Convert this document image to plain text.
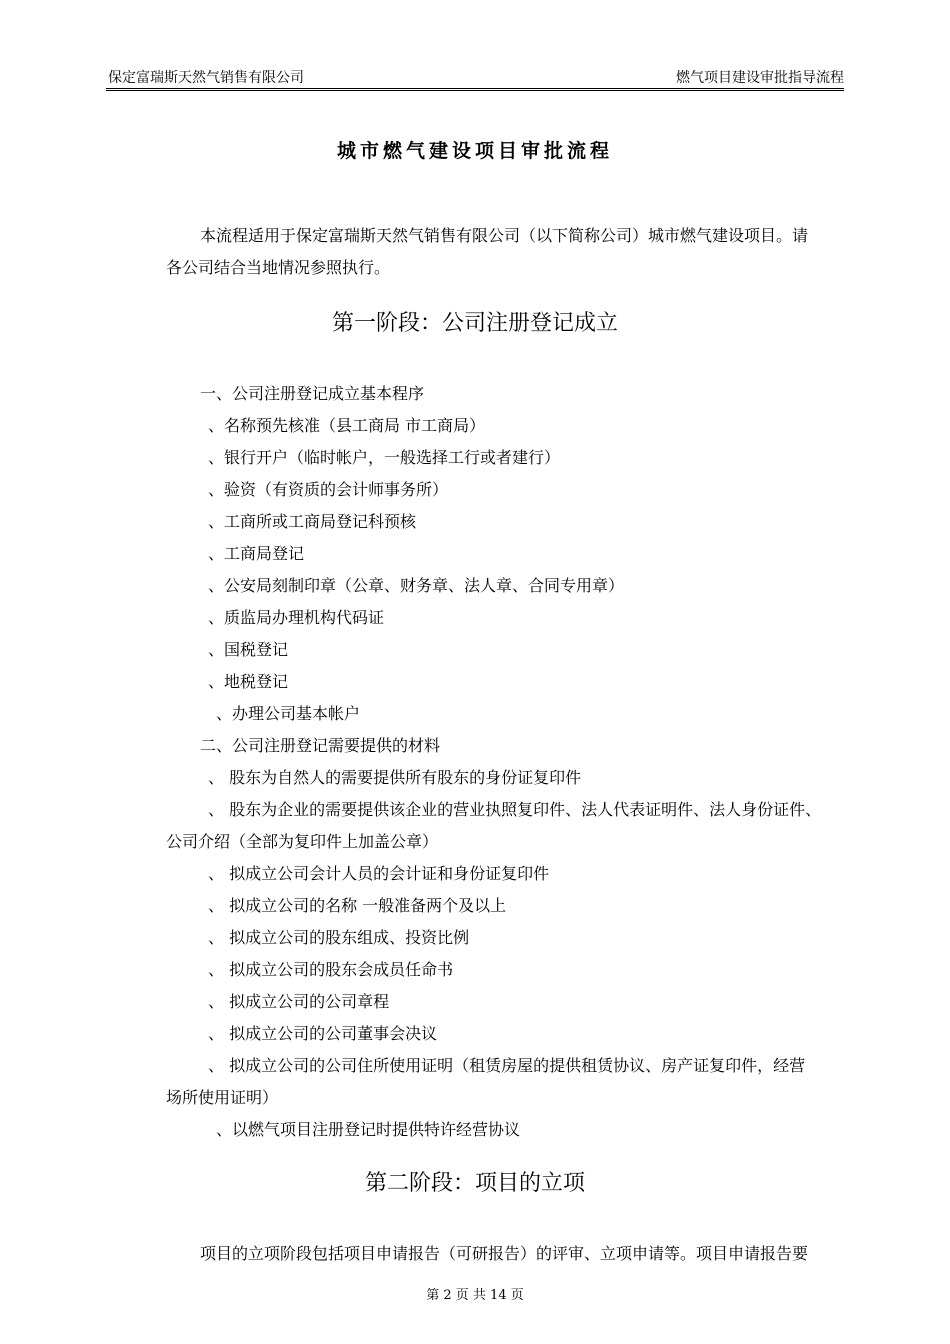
保定富瑞斯天然气销售有限公司	燃气项目建设审批指导流程
城市燃气建设项目审批流程
本流程适用于保定富瑞斯天然气销售有限公司（以下简称公司）城市燃气建设项目。请
各公司结合当地情况参照执行。
第一阶段：公司注册登记成立
一、公司注册登记成立基本程序
、名称预先核准（县工商局 市工商局）
、银行开户（临时帐户，一般选择工行或者建行）
、验资（有资质的会计师事务所）
、工商所或工商局登记科预核
、工商局登记
、公安局刻制印章（公章、财务章、法人章、合同专用章）
、质监局办理机构代码证
、国税登记
、地税登记
、办理公司基本帐户
二、公司注册登记需要提供的材料
、 股东为自然人的需要提供所有股东的身份证复印件
、 股东为企业的需要提供该企业的营业执照复印件、法人代表证明件、法人身份证件、
公司介绍（全部为复印件上加盖公章）
、 拟成立公司会计人员的会计证和身份证复印件
、 拟成立公司的名称 一般准备两个及以上
、 拟成立公司的股东组成、投资比例
、 拟成立公司的股东会成员任命书
、 拟成立公司的公司章程
、 拟成立公司的公司董事会决议
、 拟成立公司的公司住所使用证明（租赁房屋的提供租赁协议、房产证复印件，经营
场所使用证明）
、以燃气项目注册登记时提供特许经营协议
第二阶段：项目的立项
项目的立项阶段包括项目申请报告（可研报告）的评审、立项申请等。项目申请报告要
第 2 页 共 14 页
